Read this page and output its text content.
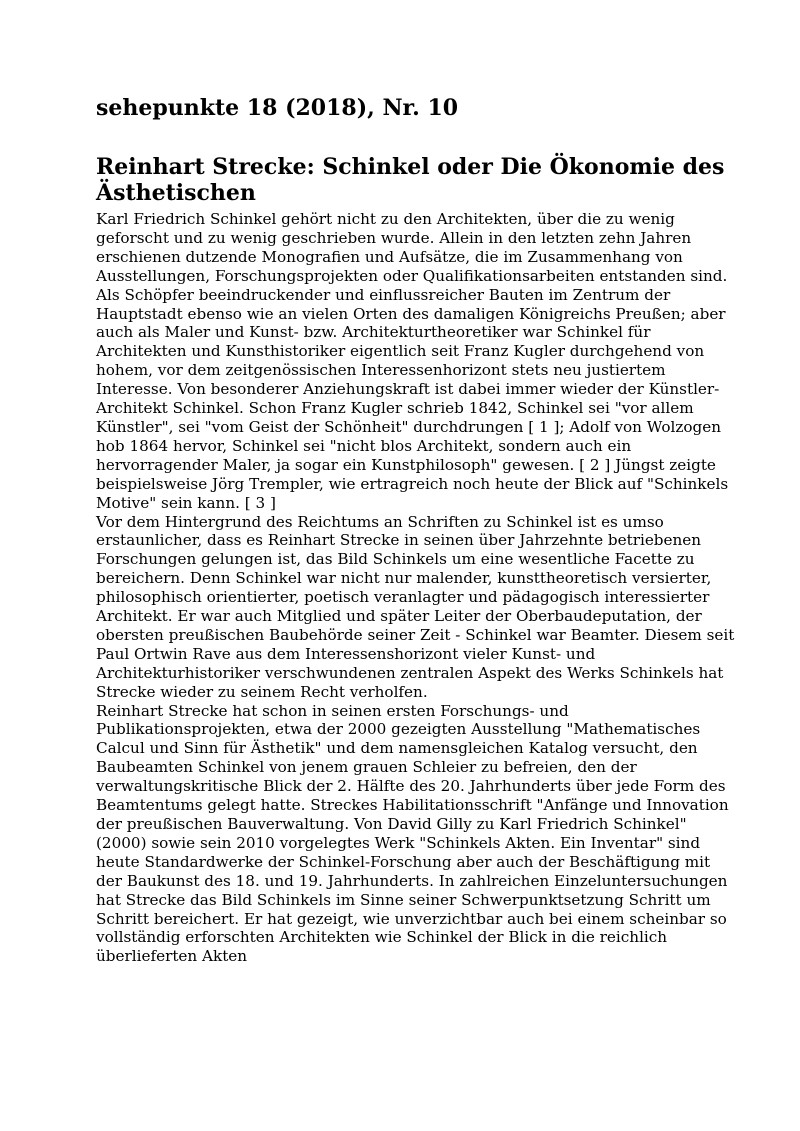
sehepunkte 18 (2018), Nr. 10
Reinhart Strecke: Schinkel oder Die Ökonomie des Ästhetischen

Karl Friedrich Schinkel gehört nicht zu den Architekten, über die zu wenig geforscht und zu wenig geschrieben wurde. Allein in den letzten zehn Jahren erschienen dutzende Monografien und Aufsätze, die im Zusammenhang von Ausstellungen, Forschungsprojekten oder Qualifikationsarbeiten entstanden sind. Als Schöpfer beeindruckender und einflussreicher Bauten im Zentrum der Hauptstadt ebenso wie an vielen Orten des damaligen Königreichs Preußen; aber auch als Maler und Kunst- bzw. Architekturtheoretiker war Schinkel für Architekten und Kunsthistoriker eigentlich seit Franz Kugler durchgehend von hohem, vor dem zeitgenössischen Interessenhorizont stets neu justiertem Interesse. Von besonderer Anziehungskraft ist dabei immer wieder der Künstler-Architekt Schinkel. Schon Franz Kugler schrieb 1842, Schinkel sei "vor allem Künstler", sei "vom Geist der Schönheit" durchdrungen [ 1 ]; Adolf von Wolzogen hob 1864 hervor, Schinkel sei "nicht blos Architekt, sondern auch ein hervorragender Maler, ja sogar ein Kunstphilosoph" gewesen. [ 2 ] Jüngst zeigte beispielsweise Jörg Trempler, wie ertragreich noch heute der Blick auf "Schinkels Motive" sein kann. [ 3 ]

Vor dem Hintergrund des Reichtums an Schriften zu Schinkel ist es umso erstaunlicher, dass es Reinhart Strecke in seinen über Jahrzehnte betriebenen Forschungen gelungen ist, das Bild Schinkels um eine wesentliche Facette zu bereichern. Denn Schinkel war nicht nur malender, kunsttheoretisch versierter, philosophisch orientierter, poetisch veranlagter und pädagogisch interessierter Architekt. Er war auch Mitglied und später Leiter der Oberbaudeputation, der obersten preußischen Baubehörde seiner Zeit - Schinkel war Beamter. Diesem seit Paul Ortwin Rave aus dem Interessenshorizont vieler Kunst- und Architekturhistoriker verschwundenen zentralen Aspekt des Werks Schinkels hat Strecke wieder zu seinem Recht verholfen.

Reinhart Strecke hat schon in seinen ersten Forschungs- und Publikationsprojekten, etwa der 2000 gezeigten Ausstellung "Mathematisches Calcul und Sinn für Ästhetik" und dem namensgleichen Katalog versucht, den Baubeamten Schinkel von jenem grauen Schleier zu befreien, den der verwaltungskritische Blick der 2. Hälfte des 20. Jahrhunderts über jede Form des Beamtentums gelegt hatte. Streckes Habilitationsschrift "Anfänge und Innovation der preußischen Bauverwaltung. Von David Gilly zu Karl Friedrich Schinkel" (2000) sowie sein 2010 vorgelegtes Werk "Schinkels Akten. Ein Inventar" sind heute Standardwerke der Schinkel-Forschung aber auch der Beschäftigung mit der Baukunst des 18. und 19. Jahrhunderts. In zahlreichen Einzeluntersuchungen hat Strecke das Bild Schinkels im Sinne seiner Schwerpunktsetzung Schritt um Schritt bereichert. Er hat gezeigt, wie unverzichtbar auch bei einem scheinbar so vollständig erforschten Architekten wie Schinkel der Blick in die reichlich überlieferten Akten
